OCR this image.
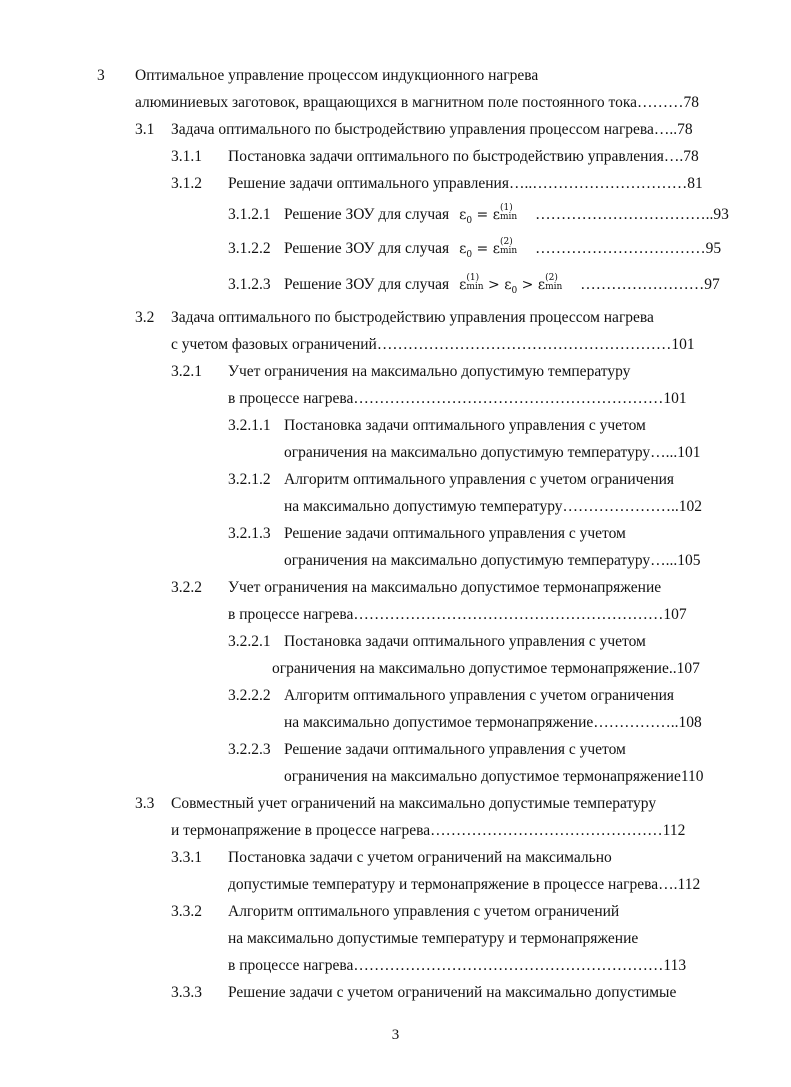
3 Оптимальное управление процессом индукционного нагрева
алюминиевых заготовок, вращающихся в магнитном поле постоянного тока………78
3.1 Задача оптимального по быстродействию управления процессом нагрева…..78
3.1.1 Постановка задачи оптимального по быстродействию управления….78
3.1.2 Решение задачи оптимального управления…..…………………………81
3.1.2.1 Решение ЗОУ для случая $\varepsilon_0 = \varepsilon$ (1)
min ……………………………..93
3.1.2.2 Решение ЗОУ для случая $\varepsilon_0 = \varepsilon$ (2)
min ……………………………95
3.1.2.3 Решение ЗОУ для случая ε (1)
$\min > \varepsilon_0 > \varepsilon$ (2)
min ……………………97
3.2 Задача оптимального по быстродействию управления процессом нагрева
с учетом фазовых ограничений…………………………………………………101
3.2.1 Учет ограничения на максимально допустимую температуру
в процессе нагрева……………………………………………………101
3.2.1.1 Постановка задачи оптимального управления с учетом
ограничения на максимально допустимую температуру…...101
3.2.1.2 Алгоритм оптимального управления с учетом ограничения
на максимально допустимую температуру…………………..102
3.2.1.3 Решение задачи оптимального управления с учетом
ограничения на максимально допустимую температуру…...105
3.2.2 Учет ограничения на максимально допустимое термонапряжение
в процессе нагрева……………………………………………………107
3.2.2.1 Постановка задачи оптимального управления с учетом
ограничения на максимально допустимое термонапряжение..107
3.2.2.2 Алгоритм оптимального управления с учетом ограничения
на максимально допустимое термонапряжение……………..108
3.2.2.3 Решение задачи оптимального управления с учетом
ограничения на максимально допустимое термонапряжение110
3.3 Совместный учет ограничений на максимально допустимые температуру
и термонапряжение в процессе нагрева………………………………………112
3.3.1 Постановка задачи с учетом ограничений на максимально
допустимые температуру и термонапряжение в процессе нагрева….112
3.3.2 Алгоритм оптимального управления с учетом ограничений
на максимально допустимые температуру и термонапряжение
в процессе нагрева……………………………………………………113
3.3.3 Решение задачи с учетом ограничений на максимально допустимые
3
